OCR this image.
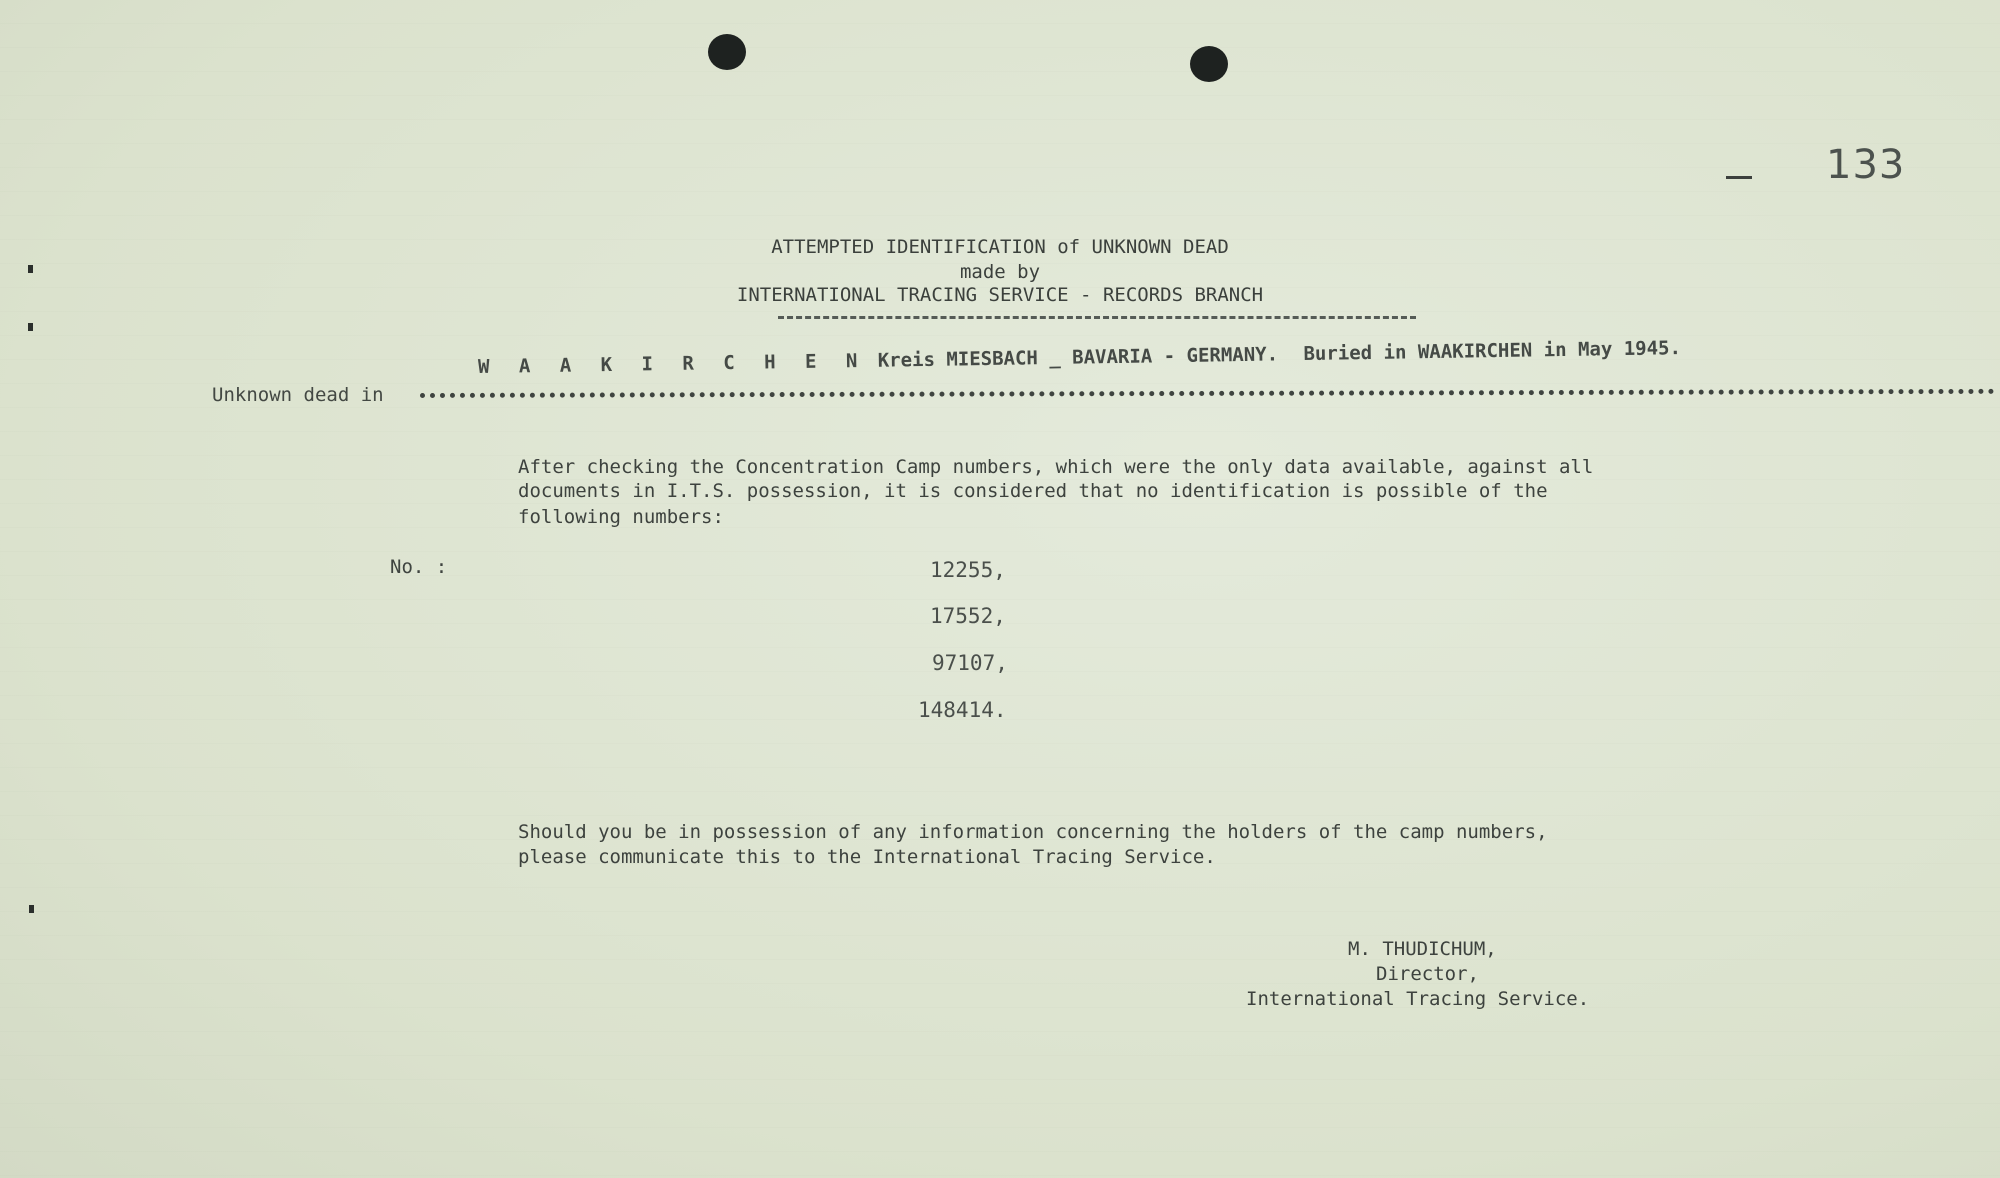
133
ATTEMPTED IDENTIFICATION of UNKNOWN DEAD
made by
INTERNATIONAL TRACING SERVICE - RECORDS BRANCH
Unknown dead in
W A A K I R C H E N Kreis MIESBACH _ BAVARIA - GERMANY. Buried in WAAKIRCHEN in May 1945.
After checking the Concentration Camp numbers, which were the only data available, against all
documents in I.T.S. possession, it is considered that no identification is possible of the
following numbers:
No. :	12255,
17552,
97107,
148414.
Should you be in possession of any information concerning the holders of the camp numbers,
please communicate this to the International Tracing Service.
M. THUDICHUM,
Director,
International Tracing Service.
